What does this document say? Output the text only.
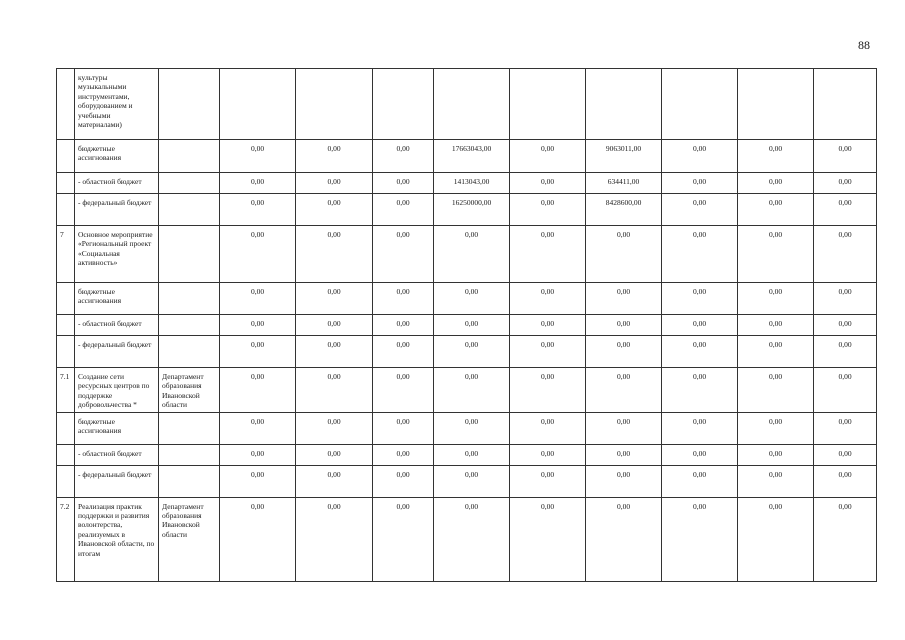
88
	культуры музыкальными инструментами, оборудованием и учебными материалами)										
	бюджетные ассигнования		0,00	0,00	0,00	17663043,00	0,00	9063011,00	0,00	0,00	0,00
	- областной бюджет		0,00	0,00	0,00	1413043,00	0,00	634411,00	0,00	0,00	0,00
	- федеральный бюджет		0,00	0,00	0,00	16250000,00	0,00	8428600,00	0,00	0,00	0,00
7	Основное мероприятие «Региональный проект «Социальная активность»		0,00	0,00	0,00	0,00	0,00	0,00	0,00	0,00	0,00
	бюджетные ассигнования		0,00	0,00	0,00	0,00	0,00	0,00	0,00	0,00	0,00
	- областной бюджет		0,00	0,00	0,00	0,00	0,00	0,00	0,00	0,00	0,00
	- федеральный бюджет		0,00	0,00	0,00	0,00	0,00	0,00	0,00	0,00	0,00
7.1	Создание сети ресурсных центров по поддержке добровольчества *	Департамент образования Ивановской области	0,00	0,00	0,00	0,00	0,00	0,00	0,00	0,00	0,00
	бюджетные ассигнования		0,00	0,00	0,00	0,00	0,00	0,00	0,00	0,00	0,00
	- областной бюджет		0,00	0,00	0,00	0,00	0,00	0,00	0,00	0,00	0,00
	- федеральный бюджет		0,00	0,00	0,00	0,00	0,00	0,00	0,00	0,00	0,00
7.2	Реализация практик поддержки и развития волонтерства, реализуемых в Ивановской области, по итогам	Департамент образования Ивановской области	0,00	0,00	0,00	0,00	0,00	0,00	0,00	0,00	0,00
